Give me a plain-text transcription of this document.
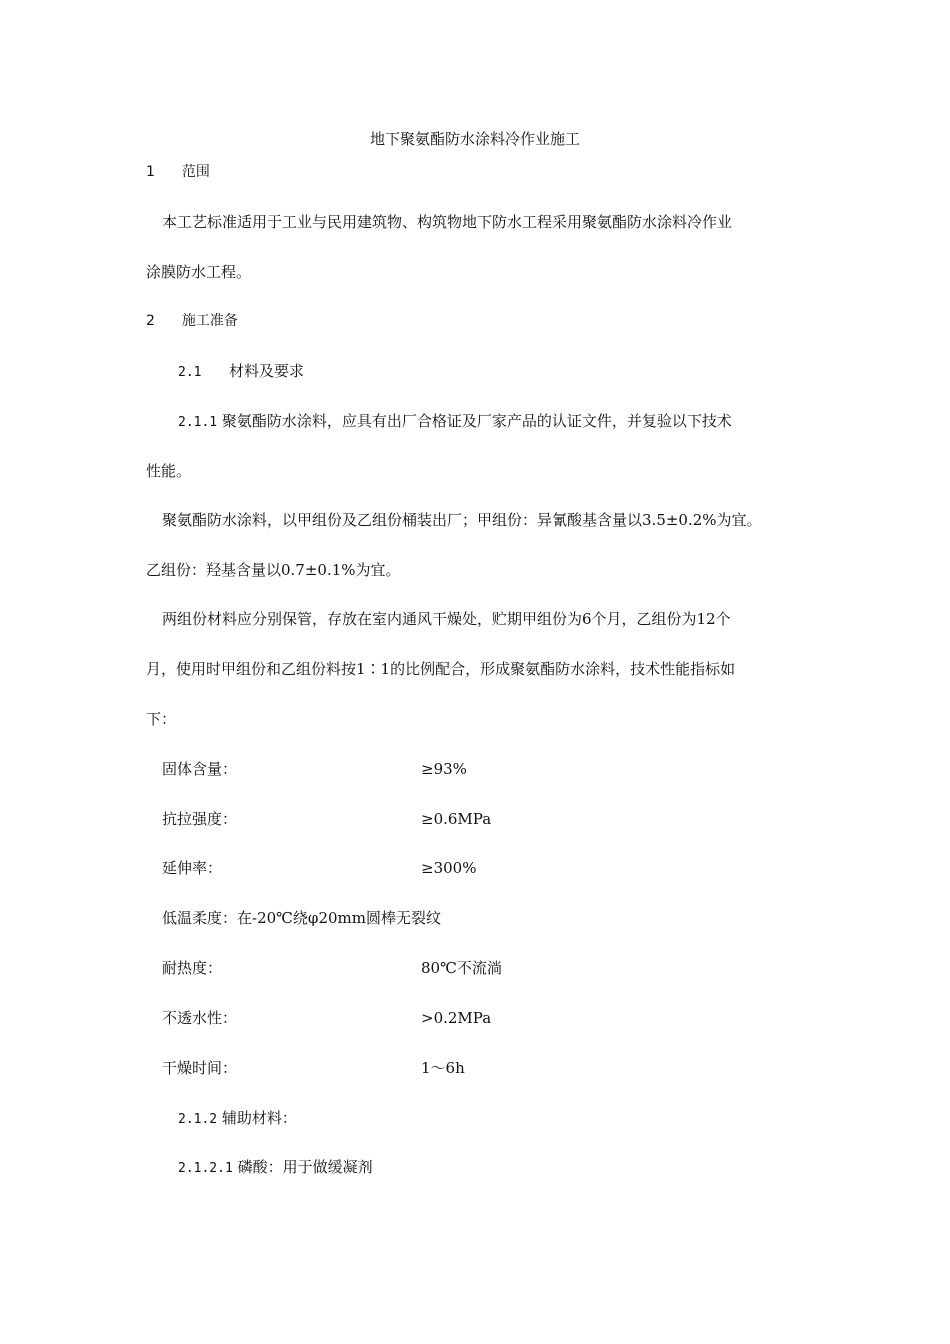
地下聚氨酯防水涂料冷作业施工
1 范围
本工艺标准适用于工业与民用建筑物、构筑物地下防水工程采用聚氨酯防水涂料冷作业
涂膜防水工程。
2 施工准备
2.1 材料及要求
2.1.1 聚氨酯防水涂料，应具有出厂合格证及厂家产品的认证文件，并复验以下技术
性能。
聚氨酯防水涂料，以甲组份及乙组份桶装出厂；甲组份：异氰酸基含量以3.5±0.2%为宜。
乙组份：羟基含量以0.7±0.1%为宜。
两组份材料应分别保管，存放在室内通风干燥处，贮期甲组份为6个月，乙组份为12个
月，使用时甲组份和乙组份料按1∶1的比例配合，形成聚氨酯防水涂料，技术性能指标如
下：
固体含量：	≥93%
抗拉强度：	≥0.6MPa
延伸率：	≥300%
低温柔度：在-20℃绕φ20mm圆棒无裂纹
耐热度：	80℃不流淌
不透水性：	>0.2MPa
干燥时间：	1～6h
2.1.2 辅助材料：
2.1.2.1 磷酸：用于做缓凝剂
